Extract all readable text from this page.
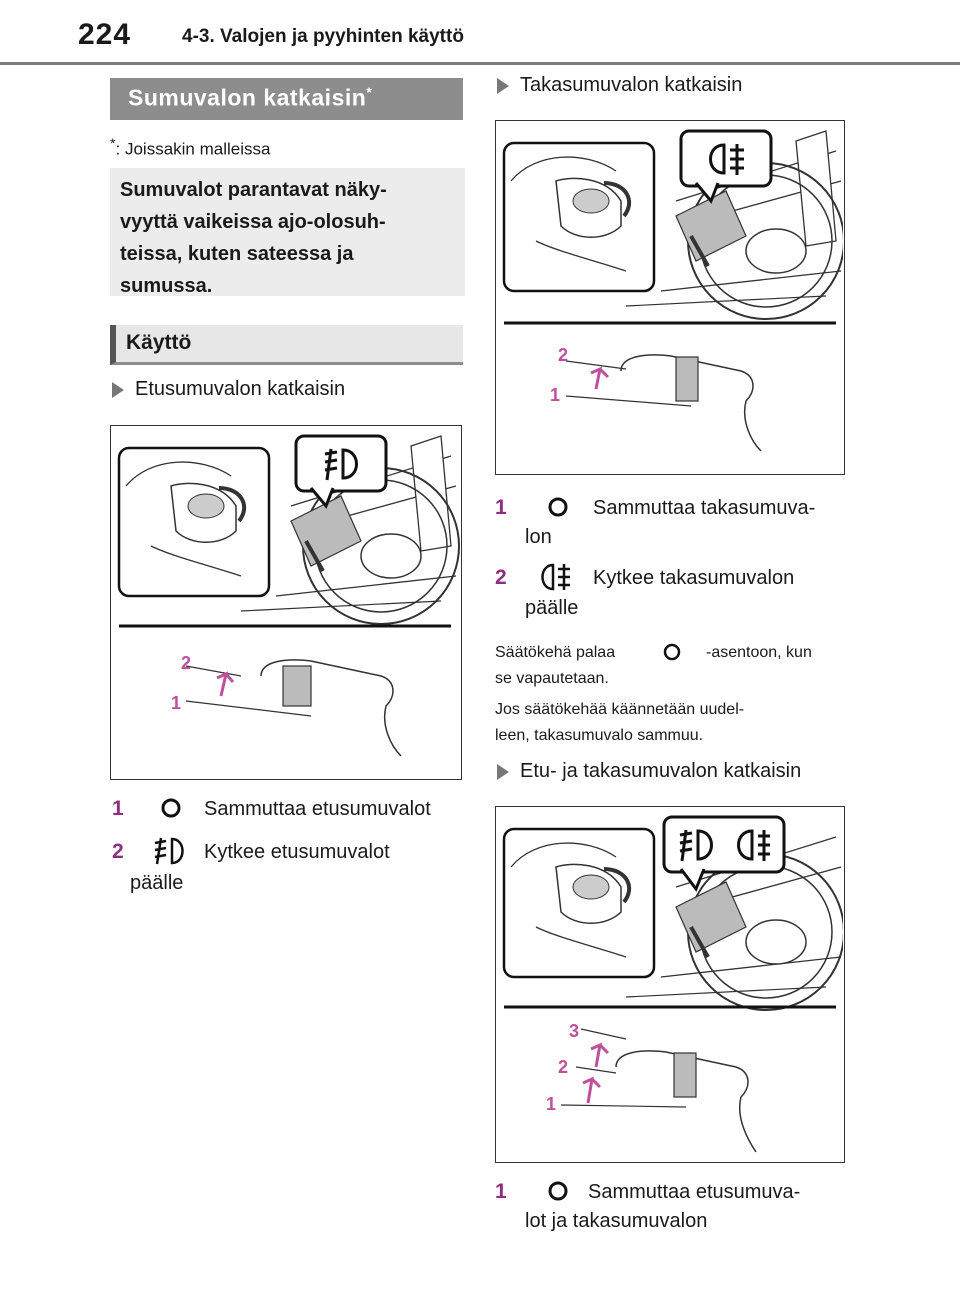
224	4-3. Valojen ja pyyhinten käyttö
Sumuvalon katkaisin*
*: Joissakin malleissa
Sumuvalot parantavat näky-vyyttä vaikeissa ajo-olosuh-teissa, kuten sateessa ja sumussa.
Käyttö
Etusumuvalon katkaisin
2
1
1	Sammuttaa etusumuvalot
2	Kytkee etusumuvalot
päälle
Takasumuvalon katkaisin
2
1
1	Sammuttaa takasumuva-
lon
2	Kytkee takasumuvalon
päälle
Säätökehä palaa	-asentoon, kun
se vapautetaan.
Jos säätökehää käännetään uudel-
leen, takasumuvalo sammuu.
Etu- ja takasumuvalon katkaisin
3
2
1
1	Sammuttaa etusumuva-
lot ja takasumuvalon
